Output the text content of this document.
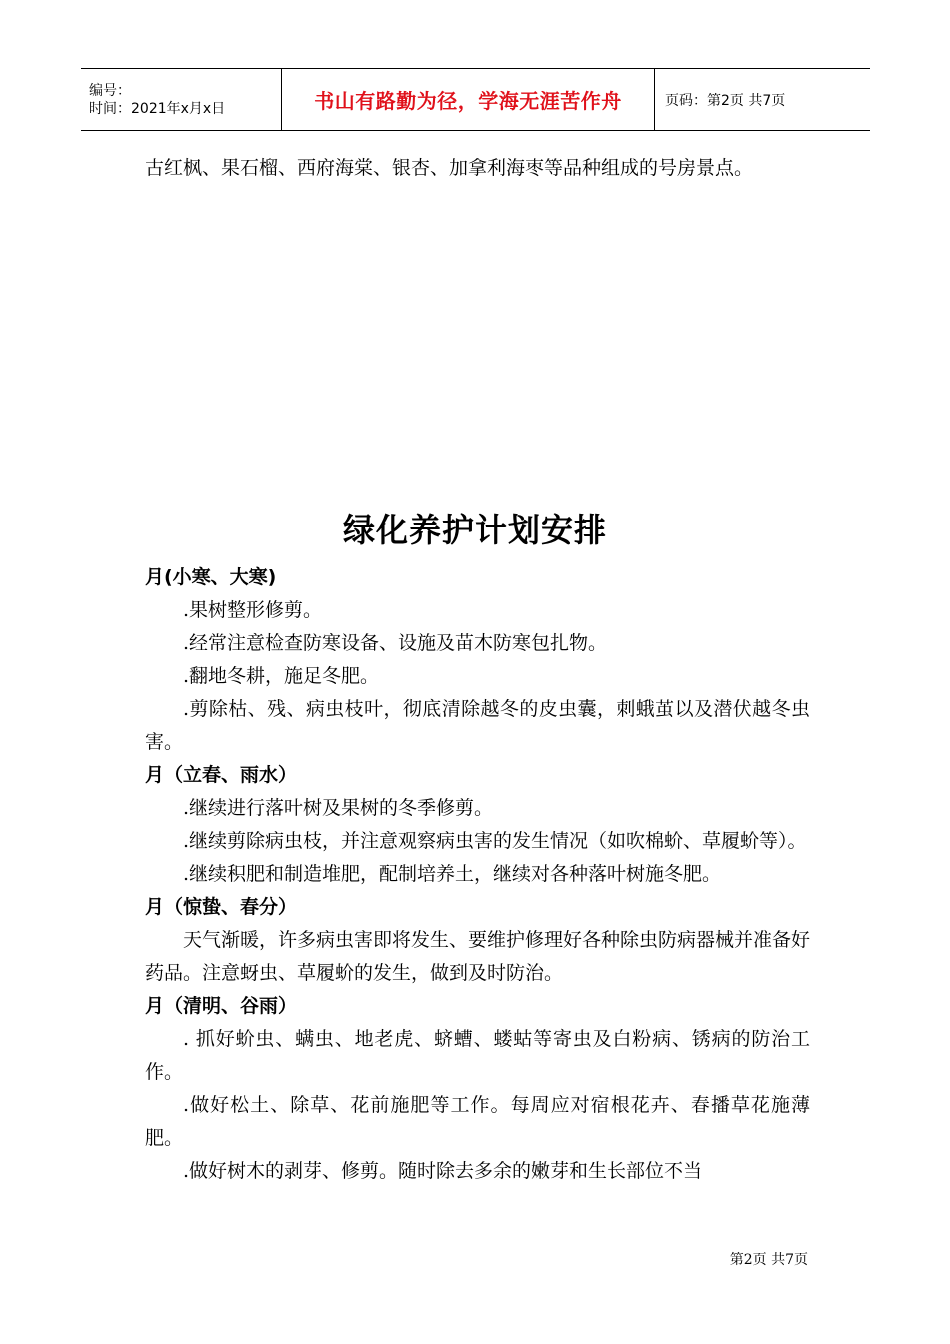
编号：
时间：2021年x月x日	书山有路勤为径，学海无涯苦作舟	页码：第2页 共7页
古红枫、果石榴、西府海棠、银杏、加拿利海枣等品种组成的号房景点。
绿化养护计划安排

月(小寒、大寒)

.果树整形修剪。

.经常注意检查防寒设备、设施及苗木防寒包扎物。

.翻地冬耕，施足冬肥。

.剪除枯、残、病虫枝叶，彻底清除越冬的皮虫囊，刺蛾茧以及潜伏越冬虫害。

月（立春、雨水）

.继续进行落叶树及果树的冬季修剪。

.继续剪除病虫枝，并注意观察病虫害的发生情况（如吹棉蚧、草履蚧等）。

.继续积肥和制造堆肥，配制培养土，继续对各种落叶树施冬肥。

月（惊蛰、春分）

天气渐暖，许多病虫害即将发生、要维护修理好各种除虫防病器械并准备好药品。注意蚜虫、草履蚧的发生，做到及时防治。

月（清明、谷雨）

. 抓好蚧虫、螨虫、地老虎、蛴螬、蝼蛄等寄虫及白粉病、锈病的防治工作。

.做好松土、除草、花前施肥等工作。每周应对宿根花卉、春播草花施薄肥。

.做好树木的剥芽、修剪。随时除去多余的嫩芽和生长部位不当

第2页 共7页
